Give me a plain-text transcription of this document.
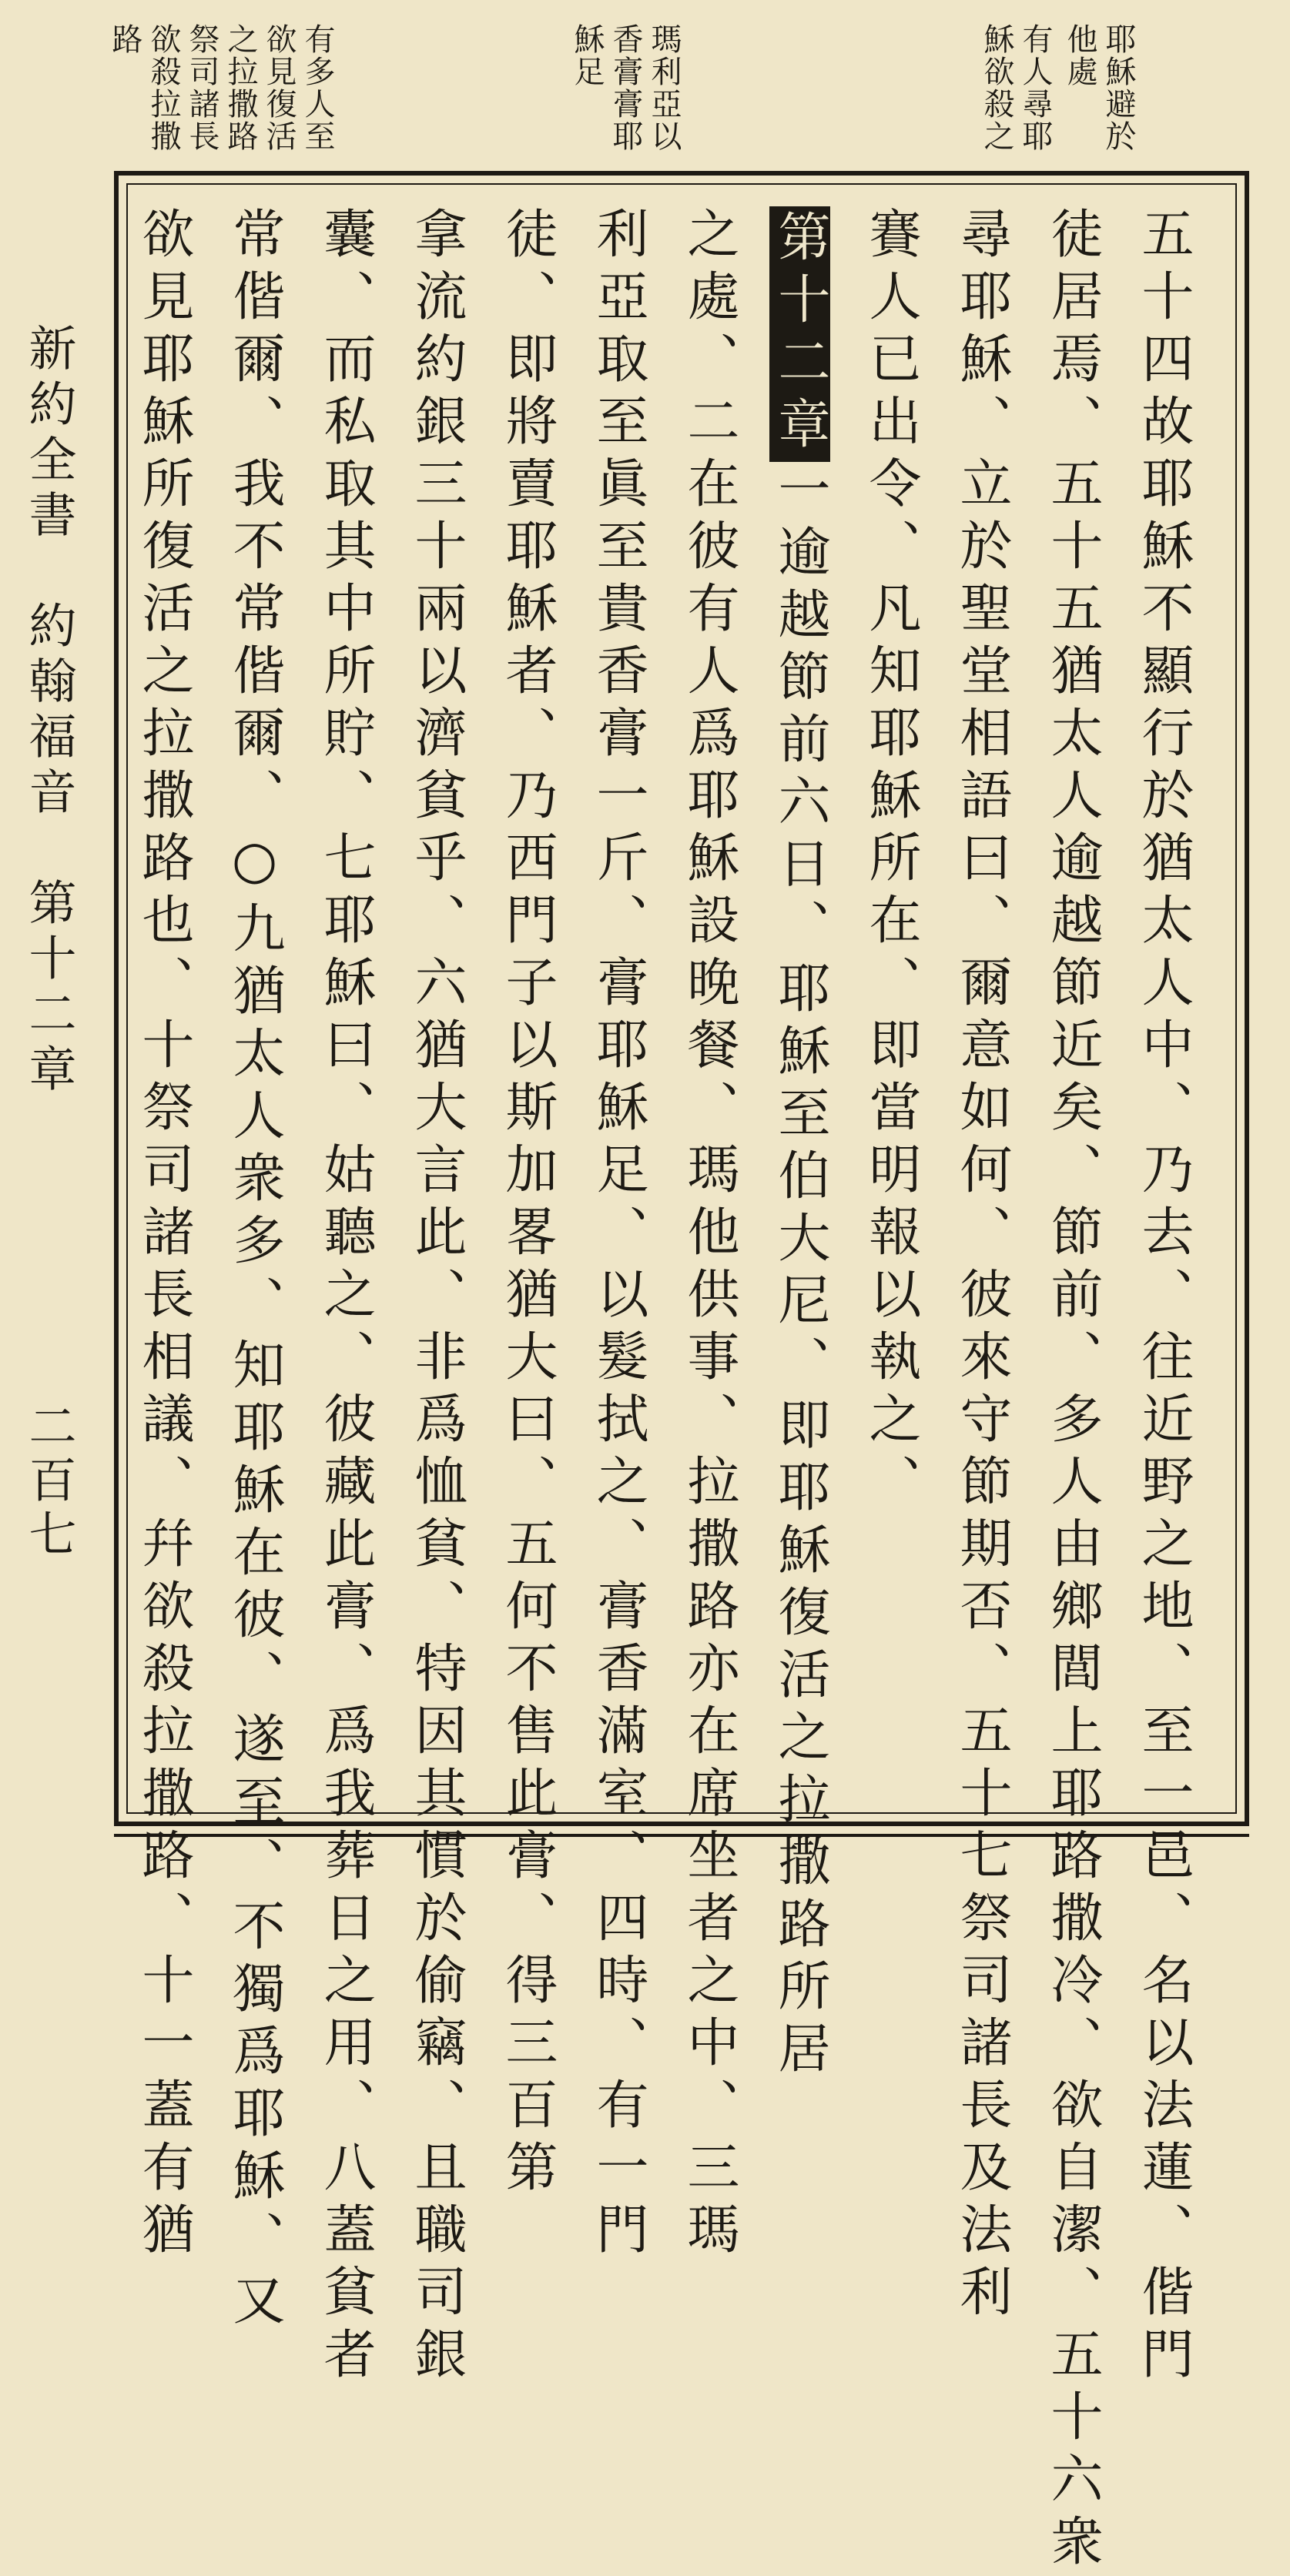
耶穌避於
他處
有人尋耶
穌欲殺之
瑪利亞以
香膏膏耶
穌足
有多人至
欲見復活
之拉撒路
祭司諸長
欲殺拉撒
路
新約全書　約翰福音　第十二章
二百七	五十四故耶穌不顯行於猶太人中、乃去、往近野之地、至一邑、名以法蓮、偕門
徒居焉、五十五猶太人逾越節近矣、節前、多人由鄉閭上耶路撒冷、欲自潔、五十六衆
尋耶穌、立於聖堂相語曰、爾意如何、彼來守節期否、五十七祭司諸長及法利
賽人已出令、凡知耶穌所在、即當明報以執之、
第十二章一逾越節前六日、耶穌至伯大尼、即耶穌復活之拉撒路所居
之處、二在彼有人爲耶穌設晚餐、瑪他供事、拉撒路亦在席坐者之中、三瑪
利亞取至眞至貴香膏一斤、膏耶穌足、以髮拭之、膏香滿室、四時、有一門
徒、即將賣耶穌者、乃西門子以斯加畧猶大曰、五何不售此膏、得三百第
拿流約銀三十兩以濟貧乎、六猶大言此、非爲恤貧、特因其慣於偷竊、且職司銀
囊、而私取其中所貯、七耶穌曰、姑聽之、彼藏此膏、爲我葬日之用、八蓋貧者
常偕爾、我不常偕爾、○九猶太人衆多、知耶穌在彼、遂至、不獨爲耶穌、又
欲見耶穌所復活之拉撒路也、十祭司諸長相議、幷欲殺拉撒路、十一蓋有猶
